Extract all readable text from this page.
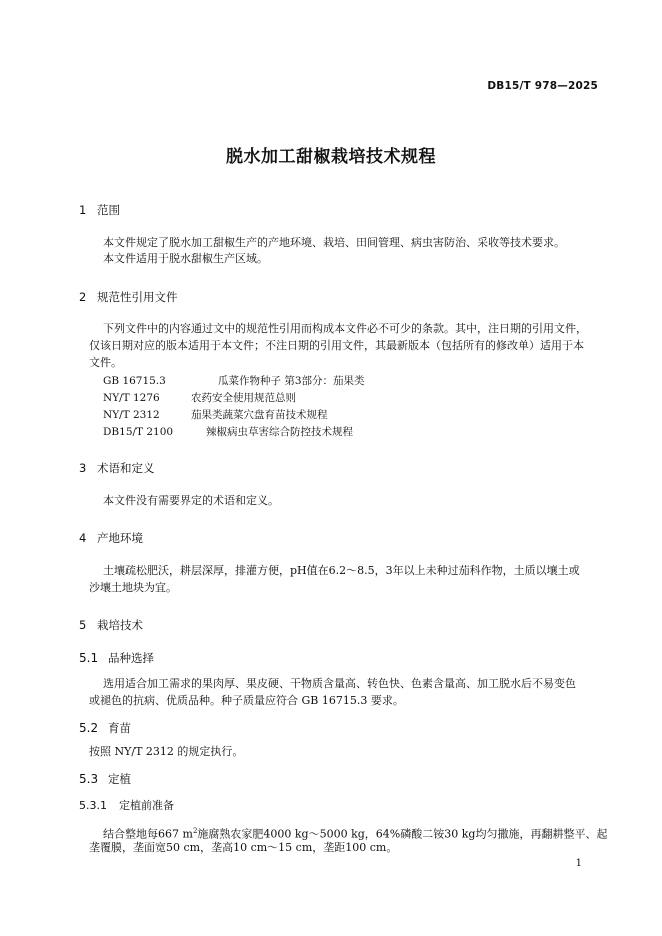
DB15/T 978—2025
脱水加工甜椒栽培技术规程
1 范围
本文件规定了脱水加工甜椒生产的产地环境、栽培、田间管理、病虫害防治、采收等技术要求。
本文件适用于脱水甜椒生产区域。
2 规范性引用文件
下列文件中的内容通过文中的规范性引用而构成本文件必不可少的条款。其中，注日期的引用文件，
仅该日期对应的版本适用于本文件；不注日期的引用文件，其最新版本（包括所有的修改单）适用于本
文件。
GB 16715.3	瓜菜作物种子 第3部分：茄果类
NY/T 1276	农药安全使用规范总则
NY/T 2312	茄果类蔬菜穴盘育苗技术规程
DB15/T 2100	辣椒病虫草害综合防控技术规程
3 术语和定义
本文件没有需要界定的术语和定义。
4 产地环境
土壤疏松肥沃，耕层深厚，排灌方便，pH值在6.2～8.5，3年以上未种过茄科作物，土质以壤土或
沙壤土地块为宜。
5 栽培技术
5.1 品种选择
选用适合加工需求的果肉厚、果皮硬、干物质含量高、转色快、色素含量高、加工脱水后不易变色
或褪色的抗病、优质品种。种子质量应符合 GB 16715.3 要求。
5.2 育苗
按照 NY/T 2312 的规定执行。
5.3 定植
5.3.1 定植前准备
结合整地每667 $m^2$施腐熟农家肥4000 kg～5000 kg，64%磷酸二铵30 kg均匀撒施，再翻耕整平、起
垄覆膜，垄面宽50 cm，垄高10 cm～15 cm，垄距100 cm。
1
